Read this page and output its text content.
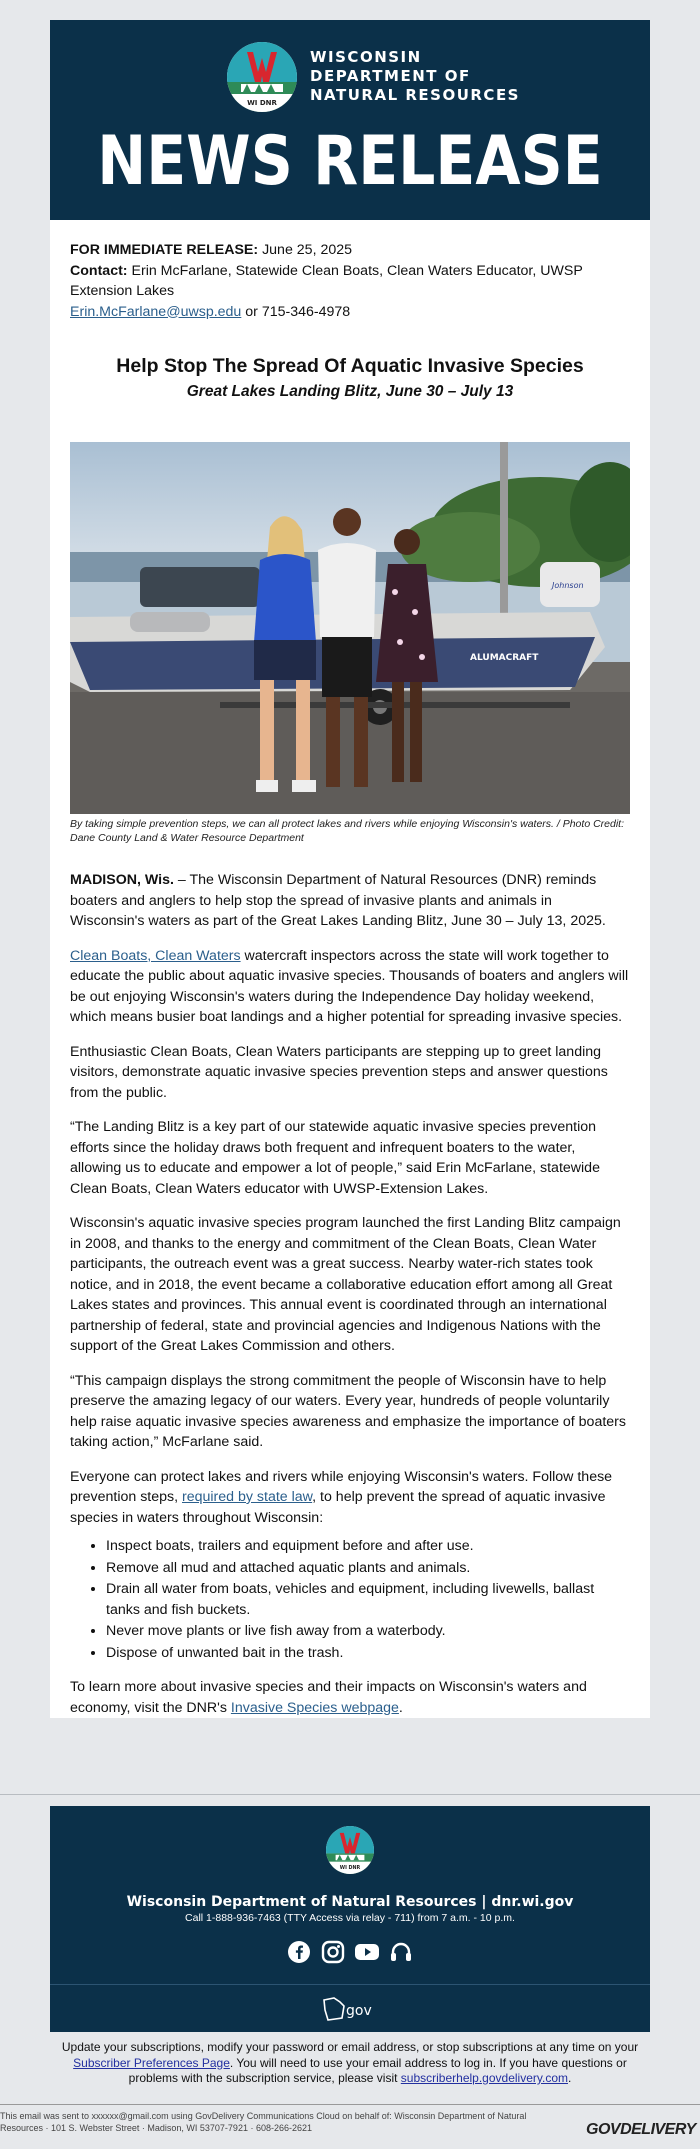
WI DNR
WISCONSIN
DEPARTMENT OF
NATURAL RESOURCES
NEWS RELEASE
FOR IMMEDIATE RELEASE: June 25, 2025
Contact: Erin McFarlane, Statewide Clean Boats, Clean Waters Educator, UWSP Extension Lakes
Erin.McFarlane@uwsp.edu or 715-346-4978
Help Stop The Spread Of Aquatic Invasive Species
Great Lakes Landing Blitz, June 30 – July 13
ALUMACRAFT
Johnson
By taking simple prevention steps, we can all protect lakes and rivers while enjoying Wisconsin's waters. / Photo Credit: Dane County Land & Water Resource Department

MADISON, Wis. – The Wisconsin Department of Natural Resources (DNR) reminds boaters and anglers to help stop the spread of invasive plants and animals in Wisconsin's waters as part of the Great Lakes Landing Blitz, June 30 – July 13, 2025.

Clean Boats, Clean Waters watercraft inspectors across the state will work together to educate the public about aquatic invasive species. Thousands of boaters and anglers will be out enjoying Wisconsin's waters during the Independence Day holiday weekend, which means busier boat landings and a higher potential for spreading invasive species.

Enthusiastic Clean Boats, Clean Waters participants are stepping up to greet landing visitors, demonstrate aquatic invasive species prevention steps and answer questions from the public.

“The Landing Blitz is a key part of our statewide aquatic invasive species prevention efforts since the holiday draws both frequent and infrequent boaters to the water, allowing us to educate and empower a lot of people,” said Erin McFarlane, statewide Clean Boats, Clean Waters educator with UWSP-Extension Lakes.

Wisconsin's aquatic invasive species program launched the first Landing Blitz campaign in 2008, and thanks to the energy and commitment of the Clean Boats, Clean Water participants, the outreach event was a great success. Nearby water-rich states took notice, and in 2018, the event became a collaborative education effort among all Great Lakes states and provinces. This annual event is coordinated through an international partnership of federal, state and provincial agencies and Indigenous Nations with the support of the Great Lakes Commission and others.

“This campaign displays the strong commitment the people of Wisconsin have to help preserve the amazing legacy of our waters. Every year, hundreds of people voluntarily help raise aquatic invasive species awareness and emphasize the importance of boaters taking action,” McFarlane said.

Everyone can protect lakes and rivers while enjoying Wisconsin's waters. Follow these prevention steps, required by state law, to help prevent the spread of aquatic invasive species in waters throughout Wisconsin:

• Inspect boats, trailers and equipment before and after use.
• Remove all mud and attached aquatic plants and animals.
• Drain all water from boats, vehicles and equipment, including livewells, ballast tanks and fish buckets.
• Never move plants or live fish away from a waterbody.
• Dispose of unwanted bait in the trash.

To learn more about invasive species and their impacts on Wisconsin's waters and economy, visit the DNR's Invasive Species webpage.

WI DNR
Wisconsin Department of Natural Resources | dnr.wi.gov
Call 1-888-936-7463 (TTY Access via relay - 711) from 7 a.m. - 10 p.m.
gov
Update your subscriptions, modify your password or email address, or stop subscriptions at any time on your Subscriber Preferences Page. You will need to use your email address to log in. If you have questions or problems with the subscription service, please visit subscriberhelp.govdelivery.com.
This email was sent to xxxxxx@gmail.com using GovDelivery Communications Cloud on behalf of: Wisconsin Department of Natural Resources · 101 S. Webster Street · Madison, WI 53707-7921 · 608-266-2621	GOVDELIVERY
